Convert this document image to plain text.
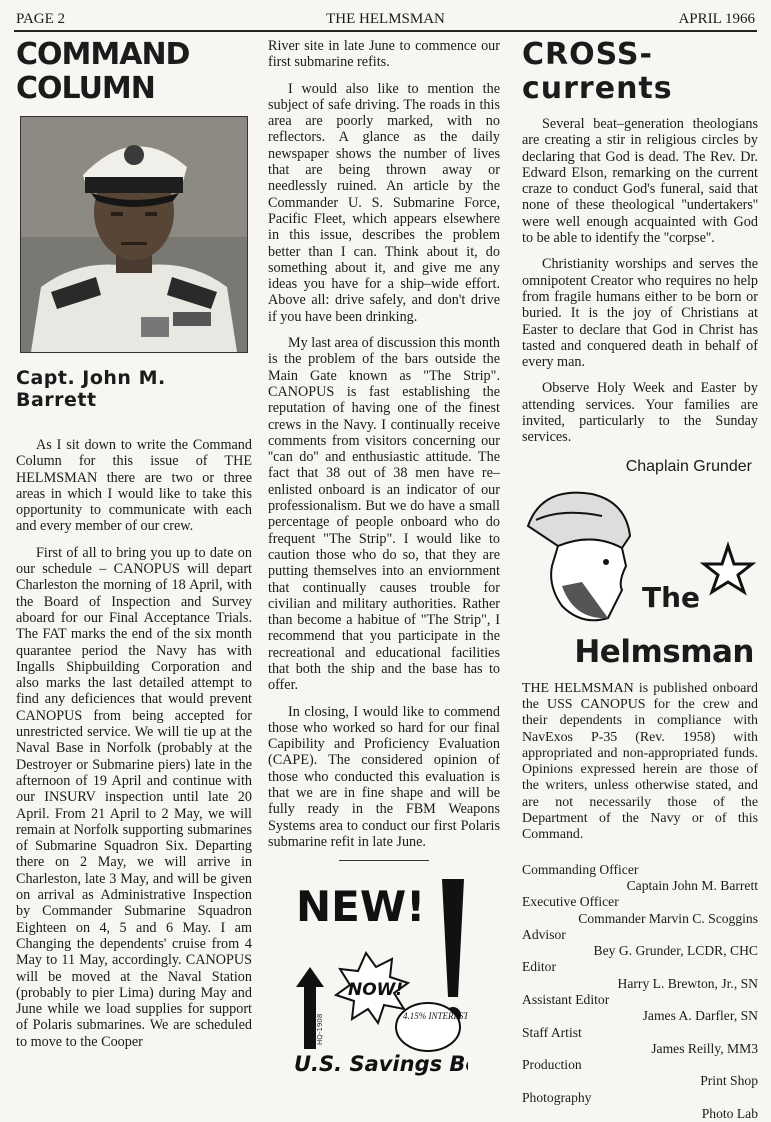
PAGE 2	THE HELMSMAN	APRIL 1966
COMMAND COLUMN
Capt. John M. Barrett

As I sit down to write the Command Column for this issue of THE HELMSMAN there are two or three areas in which I would like to take this opportunity to communicate with each and every member of our crew.

First of all to bring you up to date on our schedule – CANOPUS will depart Charleston the morning of 18 April, with the Board of Inspection and Survey aboard for our Final Acceptance Trials. The FAT marks the end of the six month quarantee period the Navy has with Ingalls Shipbuilding Corporation and also marks the last detailed attempt to find any deficiences that would prevent CANOPUS from being accepted for unrestricted service. We will tie up at the Naval Base in Norfolk (probably at the Destroyer or Submarine piers) late in the afternoon of 19 April and continue with our INSURV inspection until late 20 April. From 21 April to 2 May, we will remain at Norfolk supporting submarines of Submarine Squadron Six. Departing there on 2 May, we will arrive in Charleston, late 3 May, and will be given on arrival as Administrative Inspection by Commander Submarine Squadron Eighteen on 4, 5 and 6 May. I am Changing the dependents' cruise from 4 May to 11 May, accordingly. CANOPUS will be moved at the Naval Station (probably to pier Lima) during May and June while we load supplies for support of Polaris submarines. We are scheduled to move to the Cooper

River site in late June to commence our first submarine refits.

I would also like to mention the subject of safe driving. The roads in this area are poorly marked, with no reflectors. A glance as the daily newspaper shows the number of lives that are being thrown away or needlessly ruined. An article by the Commander U. S. Submarine Force, Pacific Fleet, which appears elsewhere in this issue, describes the problem better than I can. Think about it, do something about it, and give me any ideas you have for a ship–wide effort. Above all: drive safely, and don't drive if you have been drinking.

My last area of discussion this month is the problem of the bars outside the Main Gate known as "The Strip". CANOPUS is fast establishing the reputation of having one of the finest crews in the Navy. I continually receive comments from visitors concerning our ''can do'' and enthusiastic attitude. The fact that 38 out of 38 men have re–enlisted onboard is an indicator of our professionalism. But we do have a small percentage of people onboard who do frequent "The Strip". I would like to caution those who do so, that they are putting themselves into an enviornment that continually causes trouble for civilian and military authorities. Rather than become a habitue of "The Strip", I recommend that you participate in the recreational and educational facilities that both the ship and the base has to offer.

In closing, I would like to commend those who worked so hard for our final Capibility and Proficiency Evaluation (CAPE). The considered opinion of those who conducted this evaluation is that we are in fine shape and will be fully ready in the FBM Weapons Systems area to conduct our first Polaris submarine refit in late June.

NEW!
NOW!
4.15% INTEREST
U.S. Savings B
HQ-1908
CROSS-currents

Several beat–generation theologians are creating a stir in religious circles by declaring that God is dead. The Rev. Dr. Edward Elson, remarking on the current craze to conduct God's funeral, said that none of these theological ''undertakers'' were well enough acquainted with God to be able to identify the ''corpse''.

Christianity worships and serves the omnipotent Creator who requires no help from fragile humans either to be born or buried. It is the joy of Christians at Easter to declare that God in Christ has tasted and conquered death in behalf of every man.

Observe Holy Week and Easter by attending services. Your families are invited, particularly to the Sunday services.

Chaplain Grunder
The
Helmsman

THE HELMSMAN is published onboard the USS CANOPUS for the crew and their dependents in compliance with NavExos P-35 (Rev. 1958) with appropriated and non-appropriated funds. Opinions expressed herein are those of the writers, unless otherwise stated, and are not necessarily those of the Department of the Navy or of this Command.

Commanding Officer
Captain John M. Barrett
Executive Officer
Commander Marvin C. Scoggins
Advisor
Bey G. Grunder, LCDR, CHC
Editor
Harry L. Brewton, Jr., SN
Assistant Editor
James A. Darfler, SN
Staff Artist
James Reilly, MM3
Production
Print Shop
Photography
Photo Lab
